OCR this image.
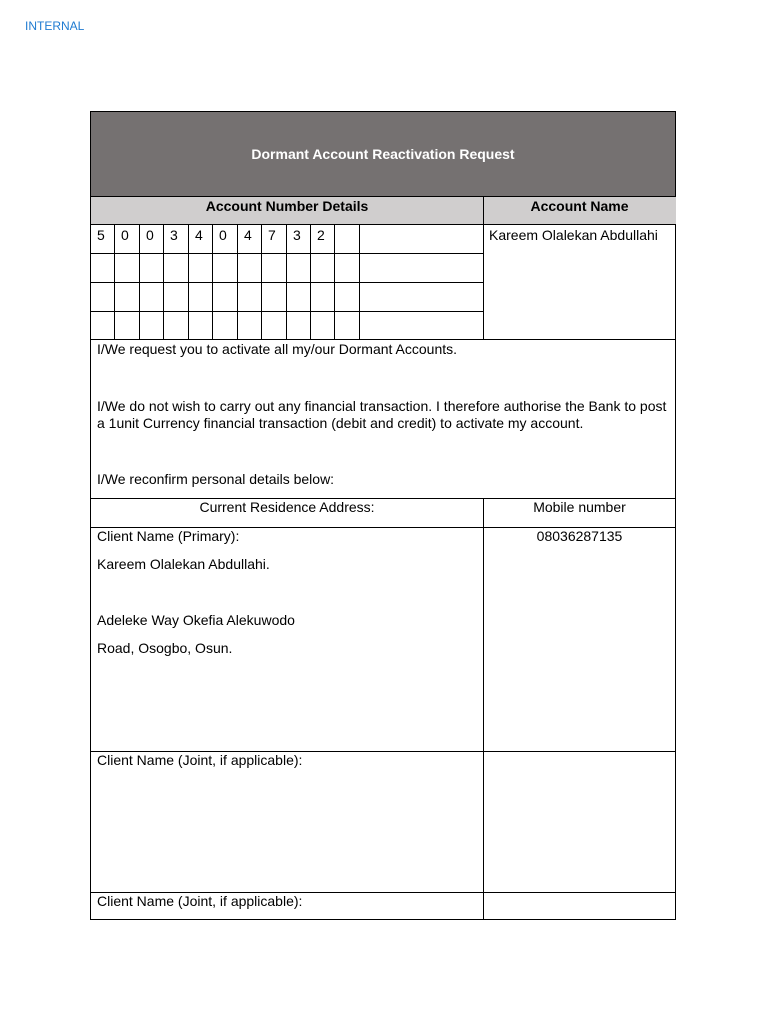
INTERNAL
Dormant Account Reactivation Request
Account Number Details	Account Name
5	0	0	3	4	0	4	7	3	2	Kareem Olalekan Abdullahi
I/We request you to activate all my/our Dormant Accounts.
I/We do not wish to carry out any financial transaction. I therefore authorise the Bank to post a 1unit Currency financial transaction (debit and credit) to activate my account.
I/We reconfirm personal details below:
Current Residence Address:	Mobile number
Client Name (Primary):
Kareem Olalekan Abdullahi.
Adeleke Way Okefia Alekuwodo
Road, Osogbo, Osun.
08036287135
Client Name (Joint, if applicable):
Client Name (Joint, if applicable):
